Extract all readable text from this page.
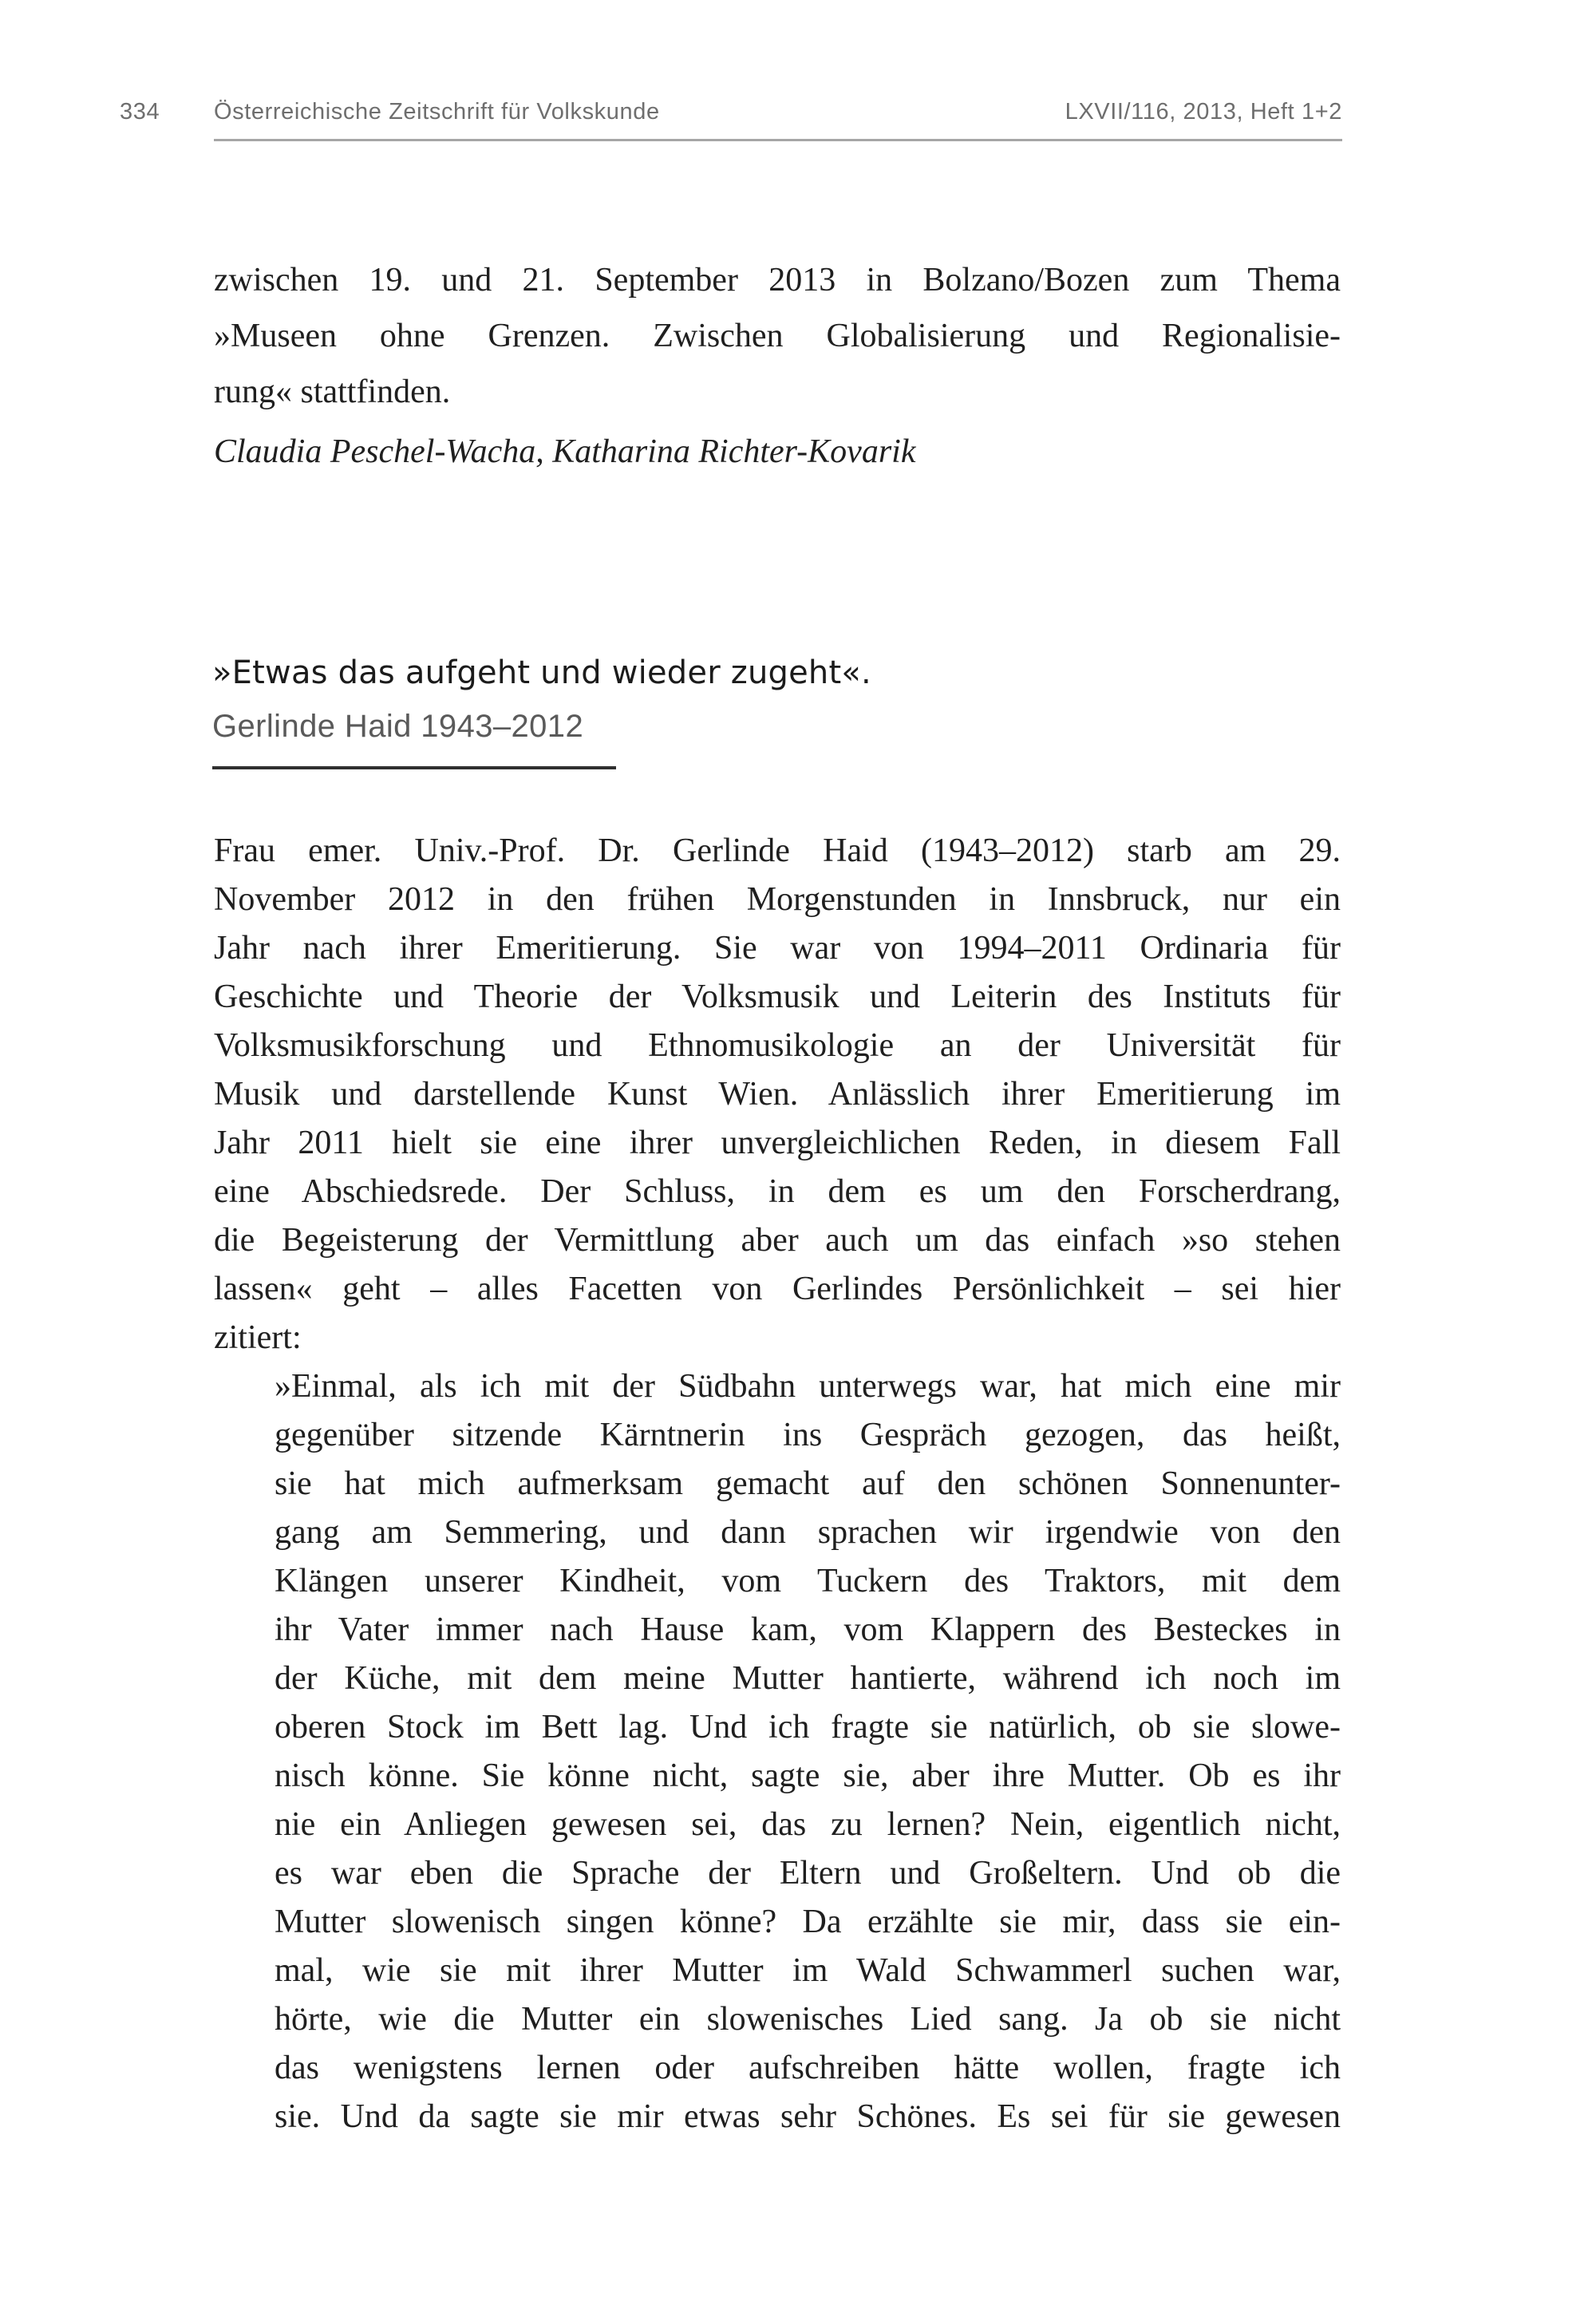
334 Österreichische Zeitschrift für Volkskunde	LXVII/116, 2013, Heft 1+2
zwischen 19. und 21. September 2013 in Bolzano/Bozen zum Thema
»Museen ohne Grenzen. Zwischen Globalisierung und Regionalisie-
rung« stattfinden.
Claudia Peschel-Wacha, Katharina Richter-Kovarik
»Etwas das aufgeht und wieder zugeht«.
Gerlinde Haid 1943–2012
Frau emer. Univ.-Prof. Dr. Gerlinde Haid (1943–2012) starb am 29.
November 2012 in den frühen Morgenstunden in Innsbruck, nur ein
Jahr nach ihrer Emeritierung. Sie war von 1994–2011 Ordinaria für
Geschichte und Theorie der Volksmusik und Leiterin des Instituts für
Volksmusikforschung und Ethnomusikologie an der Universität für
Musik und darstellende Kunst Wien. Anlässlich ihrer Emeritierung im
Jahr 2011 hielt sie eine ihrer unvergleichlichen Reden, in diesem Fall
eine Abschiedsrede. Der Schluss, in dem es um den Forscherdrang,
die Begeisterung der Vermittlung aber auch um das einfach »so stehen
lassen« geht – alles Facetten von Gerlindes Persönlichkeit – sei hier
zitiert:
»Einmal, als ich mit der Südbahn unterwegs war, hat mich eine mir
gegenüber sitzende Kärntnerin ins Gespräch gezogen, das heißt,
sie hat mich aufmerksam gemacht auf den schönen Sonnenunter-
gang am Semmering, und dann sprachen wir irgendwie von den
Klängen unserer Kindheit, vom Tuckern des Traktors, mit dem
ihr Vater immer nach Hause kam, vom Klappern des Besteckes in
der Küche, mit dem meine Mutter hantierte, während ich noch im
oberen Stock im Bett lag. Und ich fragte sie natürlich, ob sie slowe-
nisch könne. Sie könne nicht, sagte sie, aber ihre Mutter. Ob es ihr
nie ein Anliegen gewesen sei, das zu lernen? Nein, eigentlich nicht,
es war eben die Sprache der Eltern und Großeltern. Und ob die
Mutter slowenisch singen könne? Da erzählte sie mir, dass sie ein-
mal, wie sie mit ihrer Mutter im Wald Schwammerl suchen war,
hörte, wie die Mutter ein slowenisches Lied sang. Ja ob sie nicht
das wenigstens lernen oder aufschreiben hätte wollen, fragte ich
sie. Und da sagte sie mir etwas sehr Schönes. Es sei für sie gewesen
